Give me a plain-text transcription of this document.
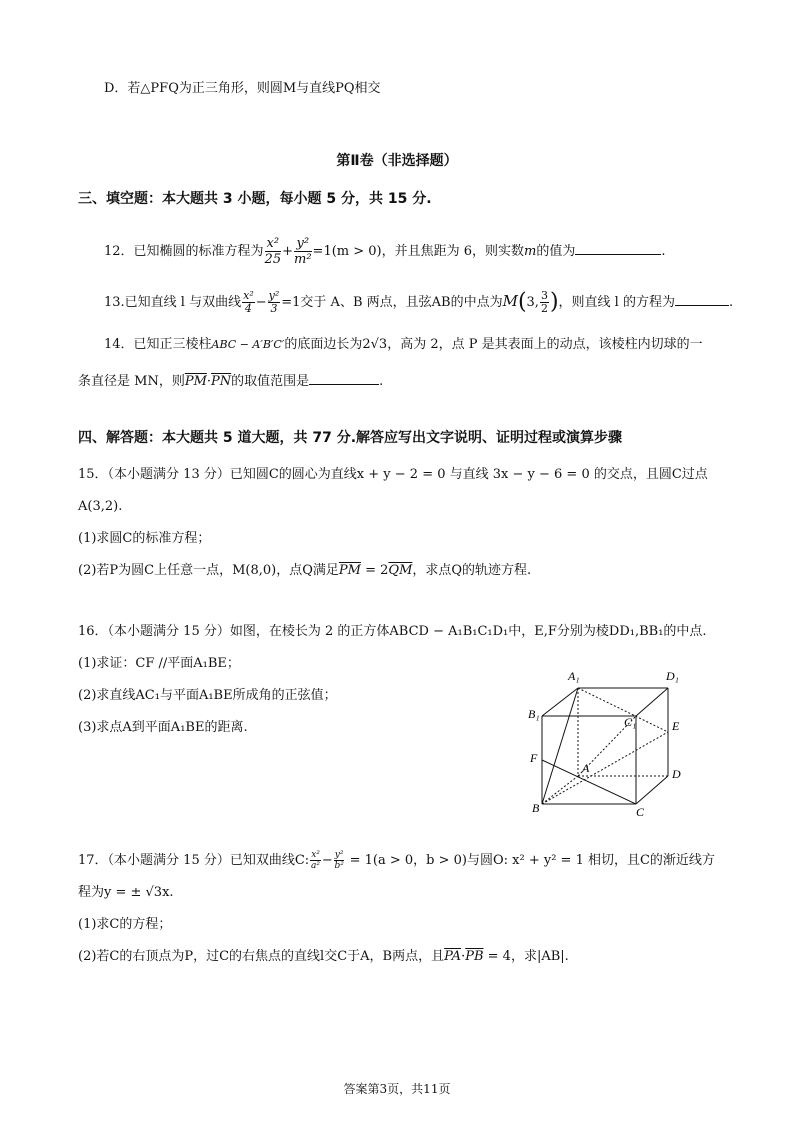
D．若△PFQ为正三角形，则圆M与直线PQ相交
第Ⅱ卷（非选择题）
三、填空题：本大题共 3 小题，每小题 5 分，共 15 分.
12．已知椭圆的标准方程为 $\frac{\text{x²}}{25} + \frac{\text{y²}}{\text{m²}} =1(m > 0)$，并且焦距为 6，则实数m的值为	.
13.已知直线 l 与双曲线 $\frac{\text{x²}}{4} - \frac{\text{y²}}{3} =1$交于 A、B 两点，且弦AB的中点为M(3, $\frac{3}{2}$ )，则直线 l 的方程为	.
14．已知正三棱柱ABC − A′B′C′的底面边长为2√3，高为 2，点 P 是其表面上的动点，该棱柱内切球的一
条直径是 MN，则$\overline{PM}\cdot\overline{PN}$的取值范围是	.
四、解答题：本大题共 5 道大题，共 77 分.解答应写出文字说明、证明过程或演算步骤
15．（本小题满分 13 分）已知圆C的圆心为直线x + y − 2 = 0 与直线 3x − y − 6 = 0 的交点，且圆C过点
A(3,2).
(1)求圆C的标准方程；
(2)若P为圆C上任意一点，M(8,0)，点Q满足$\overline{PM} = 2\overline{QM}$，求点Q的轨迹方程.
16．（本小题满分 15 分）如图，在棱长为 2 的正方体ABCD − A₁B₁C₁D₁中，E,F分别为棱DD₁,BB₁的中点.
(1)求证：CF //平面A₁BE；
(2)求直线AC₁与平面A₁BE所成角的正弦值；
(3)求点A到平面A₁BE的距离.
A₁	D₁
B₁
C₁	E
F
A	D
B	C
17．（本小题满分 15 分）已知双曲线C: $\frac{\text{x²}}{\text{a²}} - \frac{\text{y²}}{\text{b²}} = 1(a > 0$，b > 0)与圆O: x² + y² = 1 相切，且C的渐近线方
程为y = ± √3x.
(1)求C的方程；
(2)若C的右顶点为P，过C的右焦点的直线l交C于A，B两点，且$\overline{PA}\cdot\overline{PB} = 4$，求|AB|.
答案第3页，共11页
